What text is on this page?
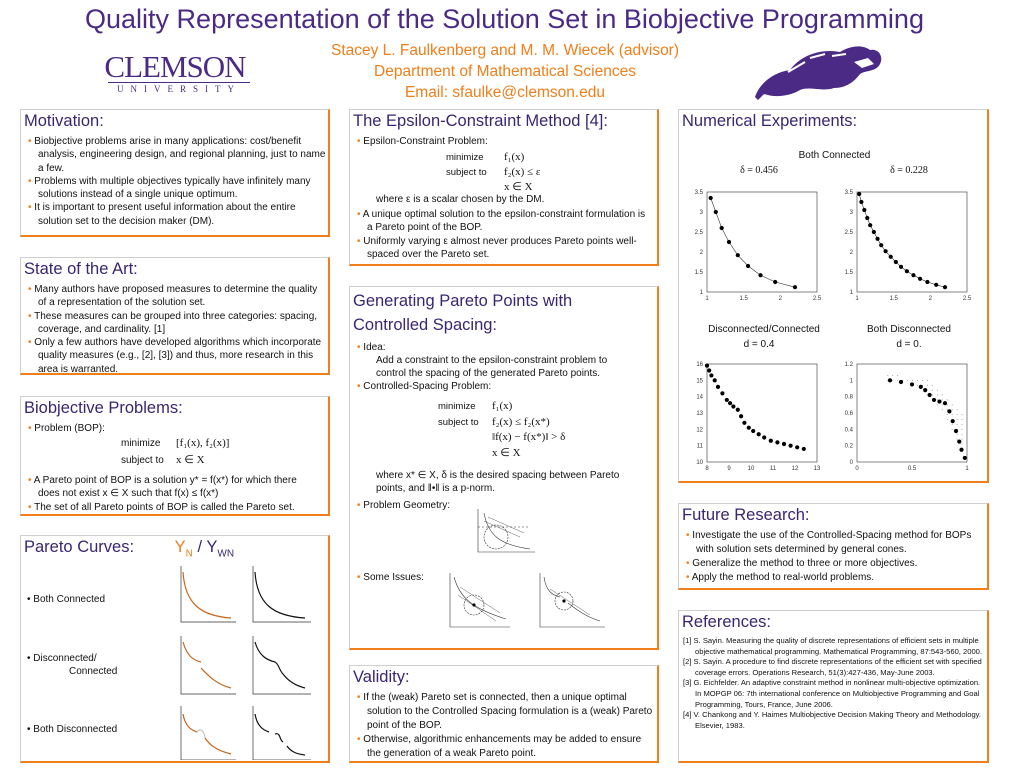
Quality Representation of the Solution Set in Biobjective Programming
Stacey L. Faulkenberg and M. M. Wiecek (advisor)
Department of Mathematical Sciences
Email: sfaulke@clemson.edu
CLEMSON
UNIVERSITY
Motivation:
• Biobjective problems arise in many applications: cost/benefit analysis, engineering design, and regional planning, just to name a few.
• Problems with multiple objectives typically have infinitely many solutions instead of a single unique optimum.
• It is important to present useful information about the entire solution set to the decision maker (DM).
State of the Art:
• Many authors have proposed measures to determine the quality of a representation of the solution set.
• These measures can be grouped into three categories: spacing, coverage, and cardinality. [1]
• Only a few authors have developed algorithms which incorporate quality measures (e.g., [2], [3]) and thus, more research in this area is warranted.
Biobjective Problems:
• Problem (BOP):
minimize [f₁(x), f₂(x)]
subject to x ∈ X
• A Pareto point of BOP is a solution y* = f(x*) for which there
does not exist x ∈ X such that f(x) ≤ f(x*)
• The set of all Pareto points of BOP is called the Pareto set.
Pareto Curves: $Y_N / Y_{WN}$
• Both Connected
• Disconnected/
Connected
• Both Disconnected
The Epsilon-Constraint Method [4]:
• Epsilon-Constraint Problem:
minimize f₁(x)
subject to f₂(x) ≤ ε
x ∈ X
where ε is a scalar chosen by the DM.
• A unique optimal solution to the epsilon-constraint formulation is a Pareto point of the BOP.
• Uniformly varying ε almost never produces Pareto points well-spaced over the Pareto set.
Generating Pareto Points with Controlled Spacing:
• Idea:
Add a constraint to the epsilon-constraint problem to control the spacing of the generated Pareto points.
• Controlled-Spacing Problem:
minimize f₁(x)
subject to f₂(x) ≤ f₂(x*)
‖f(x) − f(x*)‖ > δ
x ∈ X
where x* ∈ X, δ is the desired spacing between Pareto points, and ‖•‖ is a p-norm.
• Problem Geometry:
• Some Issues:
Validity:
• If the (weak) Pareto set is connected, then a unique optimal solution to the Controlled Spacing formulation is a (weak) Pareto point of the BOP.
• Otherwise, algorithmic enhancements may be added to ensure the generation of a weak Pareto point.
Numerical Experiments:
Both Connected
δ = 0.456	δ = 0.228
Disconnected/Connected	Both Disconnected
d = 0.4	d = 0.
1	1.5	2	2.5
1
1.5
2
2.5
3
3.5
1	1.5	2	2.5
1
1.5
2
2.5
3
3.5
8	9	10	11	12	13
10
11
12
13
14
15
16
0	0.5	1
0
0.2
0.4
0.6
0.8
1
1.2
Future Research:
• Investigate the use of the Controlled-Spacing method for BOPs with solution sets determined by general cones.
• Generalize the method to three or more objectives.
• Apply the method to real-world problems.
References:
[1] S. Sayin. Measuring the quality of discrete representations of efficient sets in multiple objective mathematical programming. Mathematical Programming, 87:543-560, 2000.
[2] S. Sayin. A procedure to find discrete representations of the efficient set with specified coverage errors. Operations Research, 51(3):427-436, May-June 2003.
[3] G. Eichfelder. An adaptive constraint method in nonlinear multi-objective optimization. In MOPGP 06: 7th international conference on Multiobjective Programming and Goal Programming, Tours, France, June 2006.
[4] V. Chankong and Y. Haimes Multiobjective Decision Making Theory and Methodology. Elsevier, 1983.
